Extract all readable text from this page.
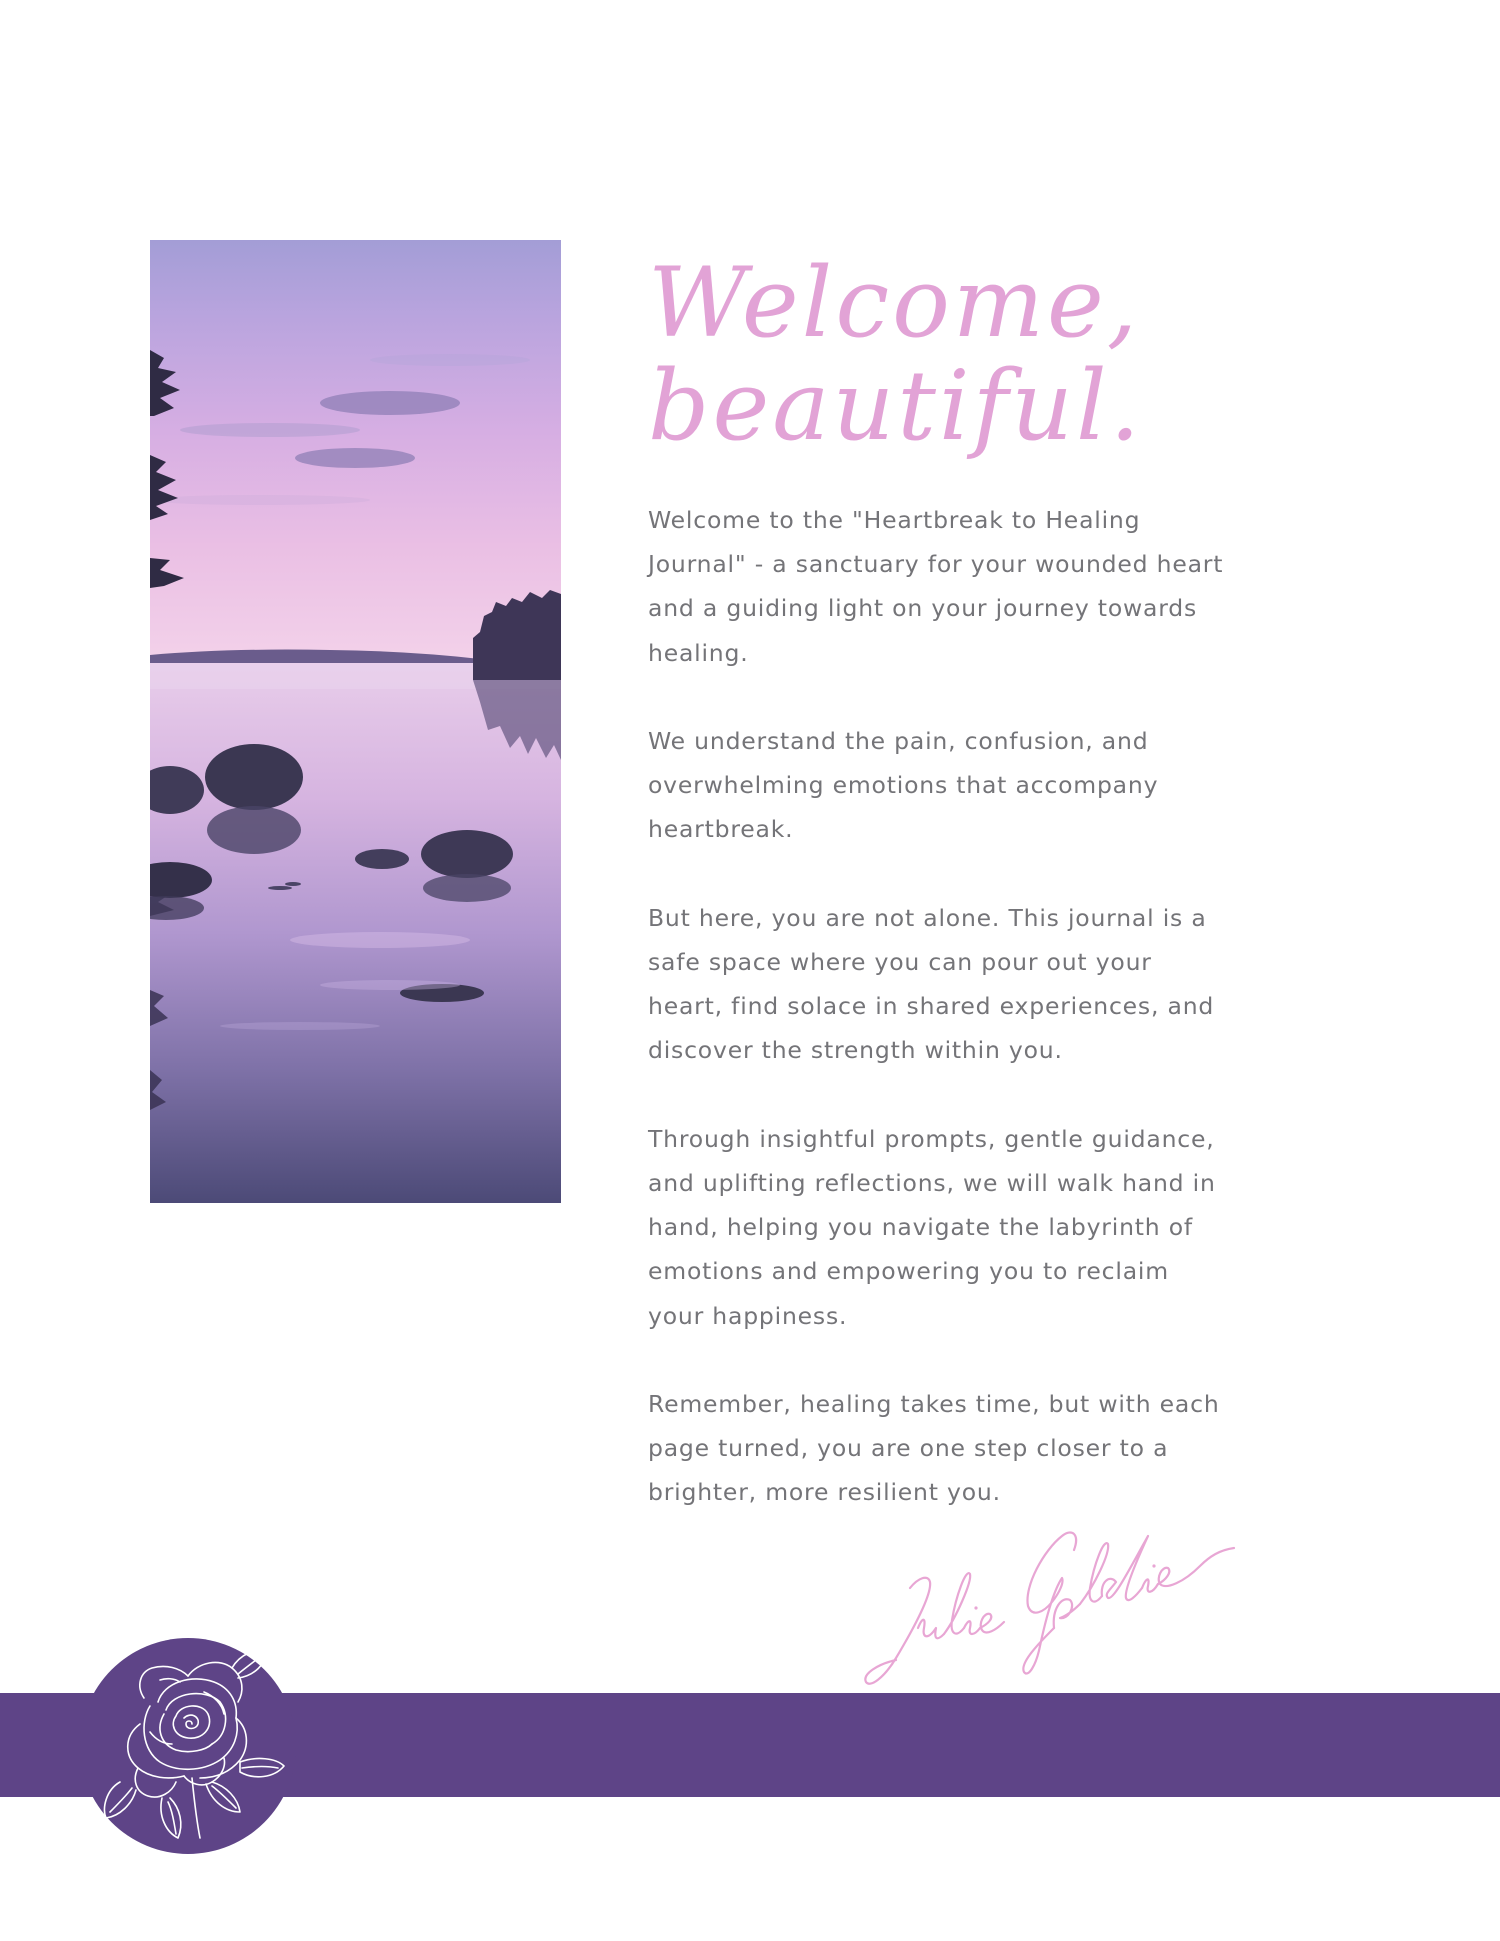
Welcome,
beautiful.

Welcome to the "Heartbreak to Healing Journal" - a sanctuary for your wounded heart and a guiding light on your journey towards healing.

We understand the pain, confusion, and overwhelming emotions that accompany heartbreak.

But here, you are not alone. This journal is a safe space where you can pour out your heart, find solace in shared experiences, and discover the strength within you.

Through insightful prompts, gentle guidance, and uplifting reflections, we will walk hand in hand, helping you navigate the labyrinth of emotions and empowering you to reclaim your happiness.

Remember, healing takes time, but with each page turned, you are one step closer to a brighter, more resilient you.
